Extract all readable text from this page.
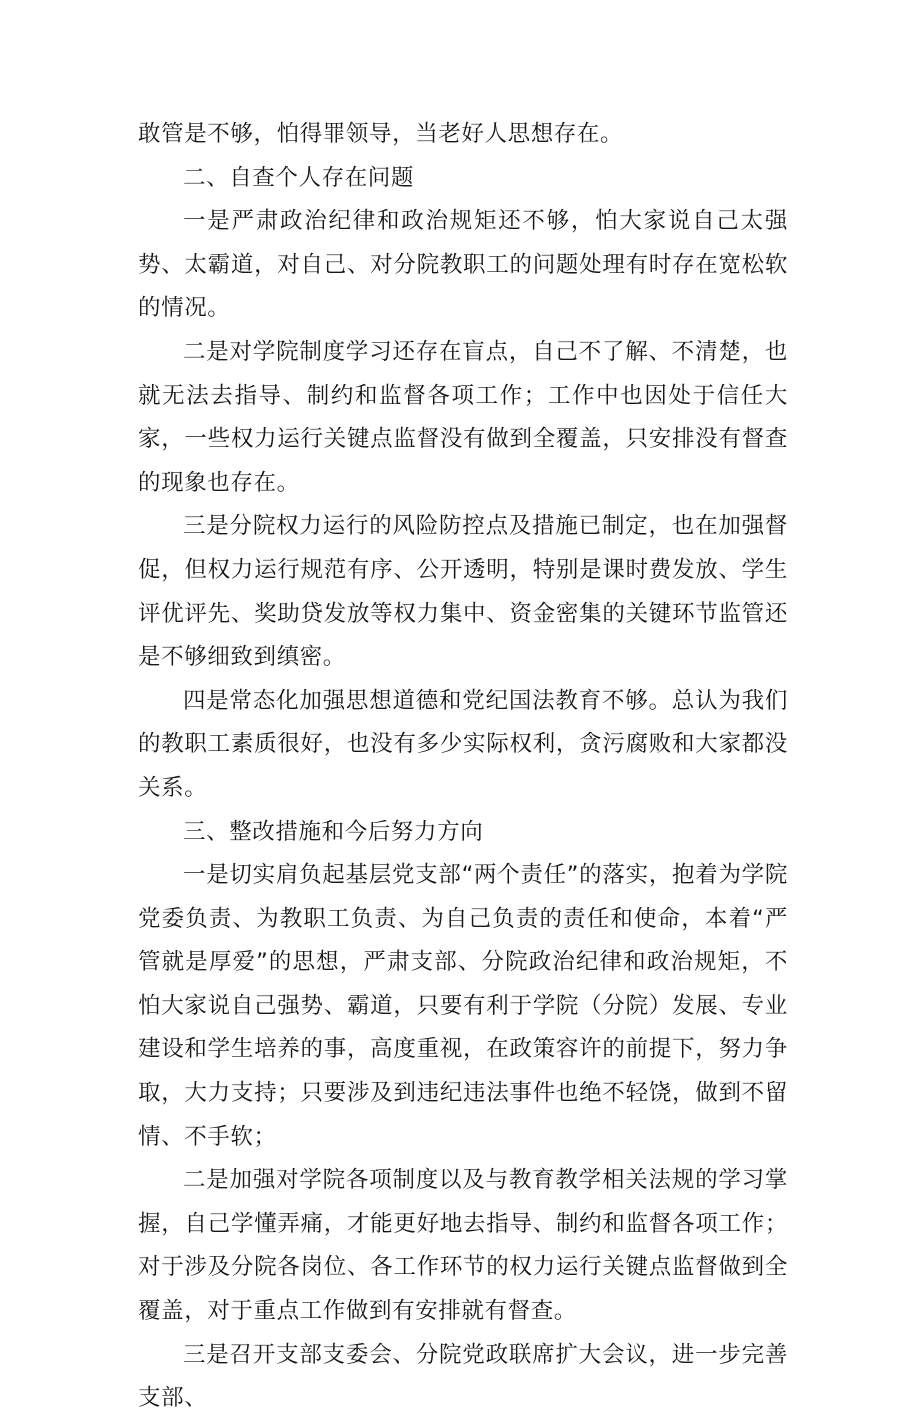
敢管是不够，怕得罪领导，当老好人思想存在。

二、自查个人存在问题

一是严肃政治纪律和政治规矩还不够，怕大家说自己太强势、太霸道，对自己、对分院教职工的问题处理有时存在宽松软的情况。

二是对学院制度学习还存在盲点，自己不了解、不清楚，也就无法去指导、制约和监督各项工作；工作中也因处于信任大家，一些权力运行关键点监督没有做到全覆盖，只安排没有督查的现象也存在。

三是分院权力运行的风险防控点及措施已制定，也在加强督促，但权力运行规范有序、公开透明，特别是课时费发放、学生评优评先、奖助贷发放等权力集中、资金密集的关键环节监管还是不够细致到缜密。

四是常态化加强思想道德和党纪国法教育不够。总认为我们的教职工素质很好，也没有多少实际权利，贪污腐败和大家都没关系。

三、整改措施和今后努力方向

一是切实肩负起基层党支部“两个责任”的落实，抱着为学院党委负责、为教职工负责、为自己负责的责任和使命，本着“严管就是厚爱”的思想，严肃支部、分院政治纪律和政治规矩，不怕大家说自己强势、霸道，只要有利于学院（分院）发展、专业建设和学生培养的事，高度重视，在政策容许的前提下，努力争取，大力支持；只要涉及到违纪违法事件也绝不轻饶，做到不留情、不手软；

二是加强对学院各项制度以及与教育教学相关法规的学习掌握，自己学懂弄痛，才能更好地去指导、制约和监督各项工作；对于涉及分院各岗位、各工作环节的权力运行关键点监督做到全覆盖，对于重点工作做到有安排就有督查。

三是召开支部支委会、分院党政联席扩大会议，进一步完善支部、
